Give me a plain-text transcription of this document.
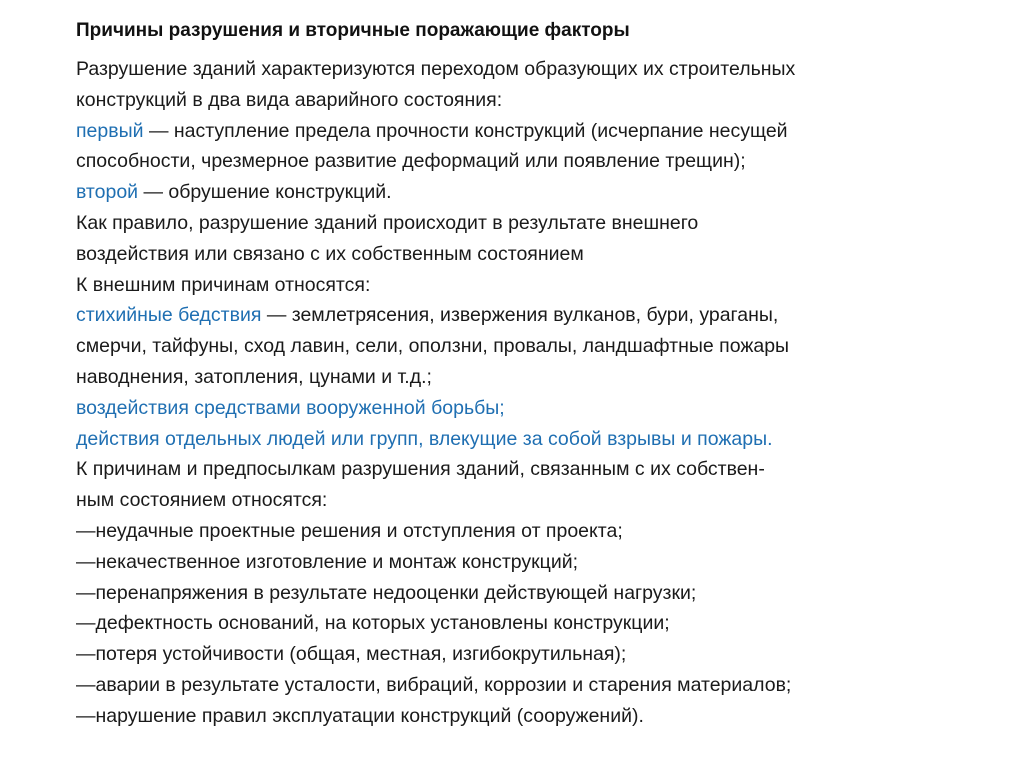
Причины разрушения и вторичные поражающие факторы
Разрушение зданий характеризуются переходом образующих их строительных
конструкций в два вида аварийного состояния:
первый — наступление предела прочности конструкций (исчерпание несущей
способности, чрезмерное развитие деформаций или появление трещин);
второй — обрушение конструкций.
Как правило, разрушение зданий происходит в результате внешнего
воздействия или связано с их собственным состоянием
К внешним причинам относятся:
стихийные бедствия — землетрясения, извержения вулканов, бури, ураганы,
смерчи, тайфуны, сход лавин, сели, оползни, провалы, ландшафтные пожары
наводнения, затопления, цунами и т.д.;
воздействия средствами вооруженной борьбы;
действия отдельных людей или групп, влекущие за собой взрывы и пожары.
К причинам и предпосылкам разрушения зданий, связанным с их собствен-
ным состоянием относятся:
—неудачные проектные решения и отступления от проекта;
—некачественное изготовление и монтаж конструкций;
—перенапряжения в результате недооценки действующей нагрузки;
—дефектность оснований, на которых установлены конструкции;
—потеря устойчивости (общая, местная, изгибокрутильная);
—аварии в результате усталости, вибраций, коррозии и старения материалов;
—нарушение правил эксплуатации конструкций (сооружений).
